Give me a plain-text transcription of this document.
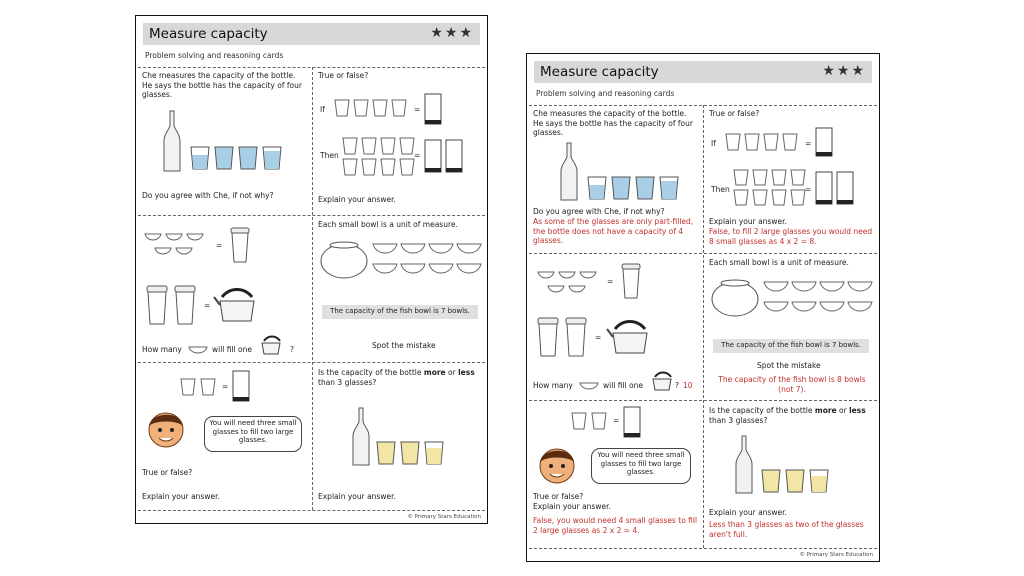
Measure capacity	★★★
Problem solving and reasoning cards
Che measures the capacity of the bottle. He says the bottle has the capacity of four glasses.
Do you agree with Che, if not why?
True or false?
If	=
Then	=
Explain your answer.
=
=
How many	will fill one	?
Each small bowl is a unit of measure.
The capacity of the fish bowl is 7 bowls.
Spot the mistake
=
You will need three small glasses to fill two large glasses.
True or false?
Explain your answer.
Is the capacity of the bottle more or less than 3 glasses?
Explain your answer.
© Primary Stars Education
Measure capacity	★★★
Problem solving and reasoning cards
Che measures the capacity of the bottle. He says the bottle has the capacity of four glasses.
Do you agree with Che, if not why?
As some of the glasses are only part-filled, the bottle does not have a capacity of 4 glasses.
True or false?
If	=
Then	=
Explain your answer.
False, to fill 2 large glasses you would need 8 small glasses as 4 x 2 = 8.
=
=
How many	will fill one	? 10
Each small bowl is a unit of measure.
The capacity of the fish bowl is 7 bowls.
Spot the mistake
The capacity of the fish bowl is 8 bowls (not 7).
=
You will need three small glasses to fill two large glasses.
True or false?
Explain your answer.
False, you would need 4 small glasses to fill 2 large glasses as 2 x 2 = 4.
Is the capacity of the bottle more or less than 3 glasses?
Explain your answer.
Less than 3 glasses as two of the glasses aren't full.
© Primary Stars Education
